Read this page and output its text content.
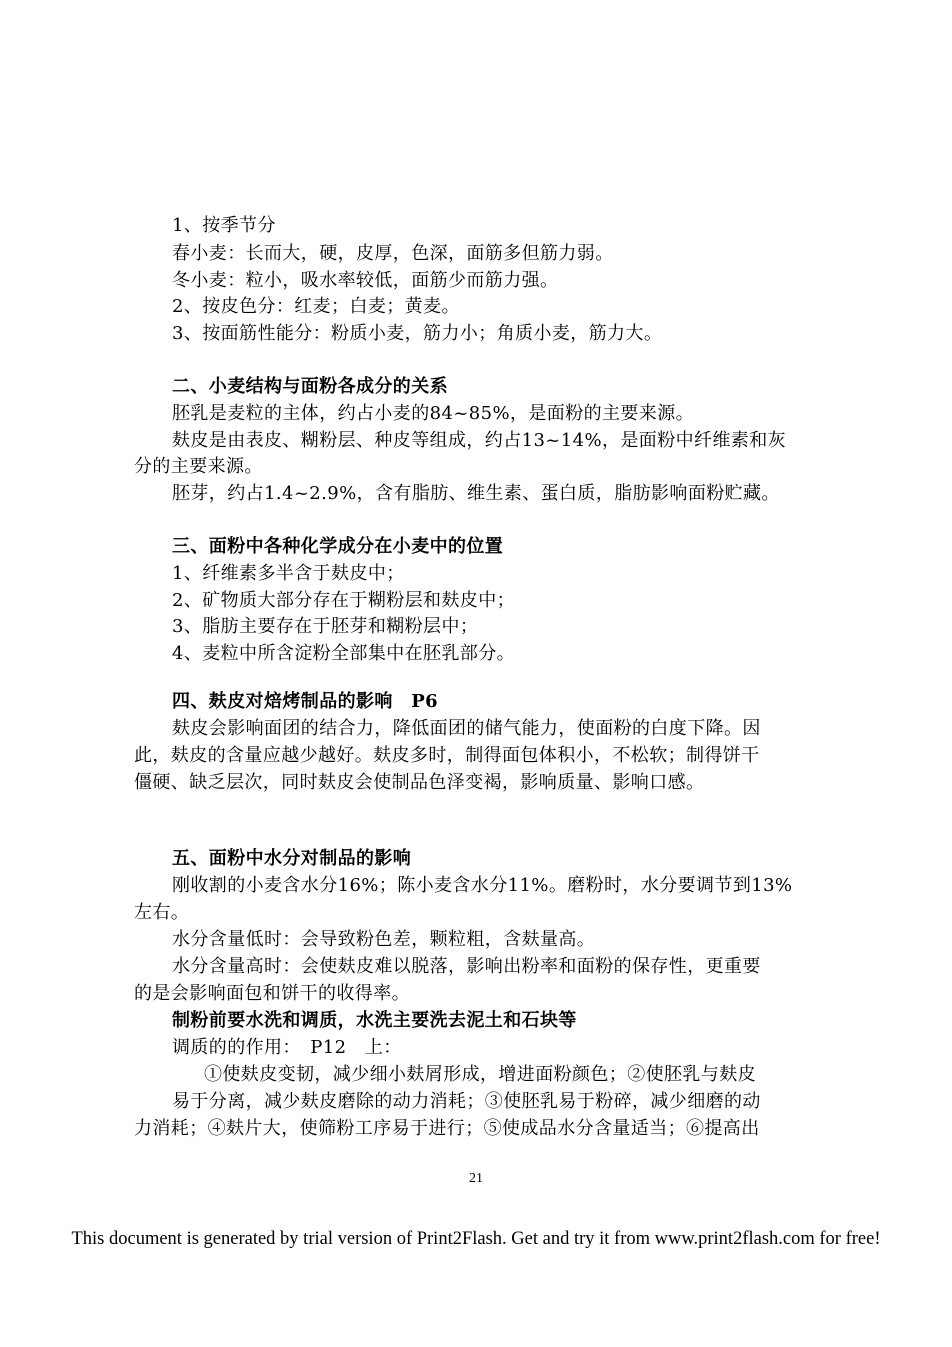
1、按季节分

春小麦：长而大，硬，皮厚，色深，面筋多但筋力弱。

冬小麦：粒小，吸水率较低，面筋少而筋力强。

2、按皮色分：红麦；白麦；黄麦。

3、按面筋性能分：粉质小麦，筋力小；角质小麦，筋力大。

二、小麦结构与面粉各成分的关系

胚乳是麦粒的主体，约占小麦的84~85%，是面粉的主要来源。

麸皮是由表皮、糊粉层、种皮等组成，约占13~14%，是面粉中纤维素和灰

分的主要来源。

胚芽，约占1.4~2.9%，含有脂肪、维生素、蛋白质，脂肪影响面粉贮藏。

三、面粉中各种化学成分在小麦中的位置

1、纤维素多半含于麸皮中；

2、矿物质大部分存在于糊粉层和麸皮中；

3、脂肪主要存在于胚芽和糊粉层中；

4、麦粒中所含淀粉全部集中在胚乳部分。

四、麸皮对焙烤制品的影响　P6

麸皮会影响面团的结合力，降低面团的储气能力，使面粉的白度下降。因

此，麸皮的含量应越少越好。麸皮多时，制得面包体积小，不松软；制得饼干

僵硬、缺乏层次，同时麸皮会使制品色泽变褐，影响质量、影响口感。

五、面粉中水分对制品的影响

刚收割的小麦含水分16%；陈小麦含水分11%。磨粉时，水分要调节到13%

左右。

水分含量低时：会导致粉色差，颗粒粗，含麸量高。

水分含量高时：会使麸皮难以脱落，影响出粉率和面粉的保存性，更重要

的是会影响面包和饼干的收得率。

制粉前要水洗和调质，水洗主要洗去泥土和石块等

调质的的作用：　P12　上：

①使麸皮变韧，减少细小麸屑形成，增进面粉颜色；②使胚乳与麸皮

易于分离，减少麸皮磨除的动力消耗；③使胚乳易于粉碎，减少细磨的动

力消耗；④麸片大，使筛粉工序易于进行；⑤使成品水分含量适当；⑥提高出

21
This document is generated by trial version of Print2Flash. Get and try it from www.print2flash.com for free!
